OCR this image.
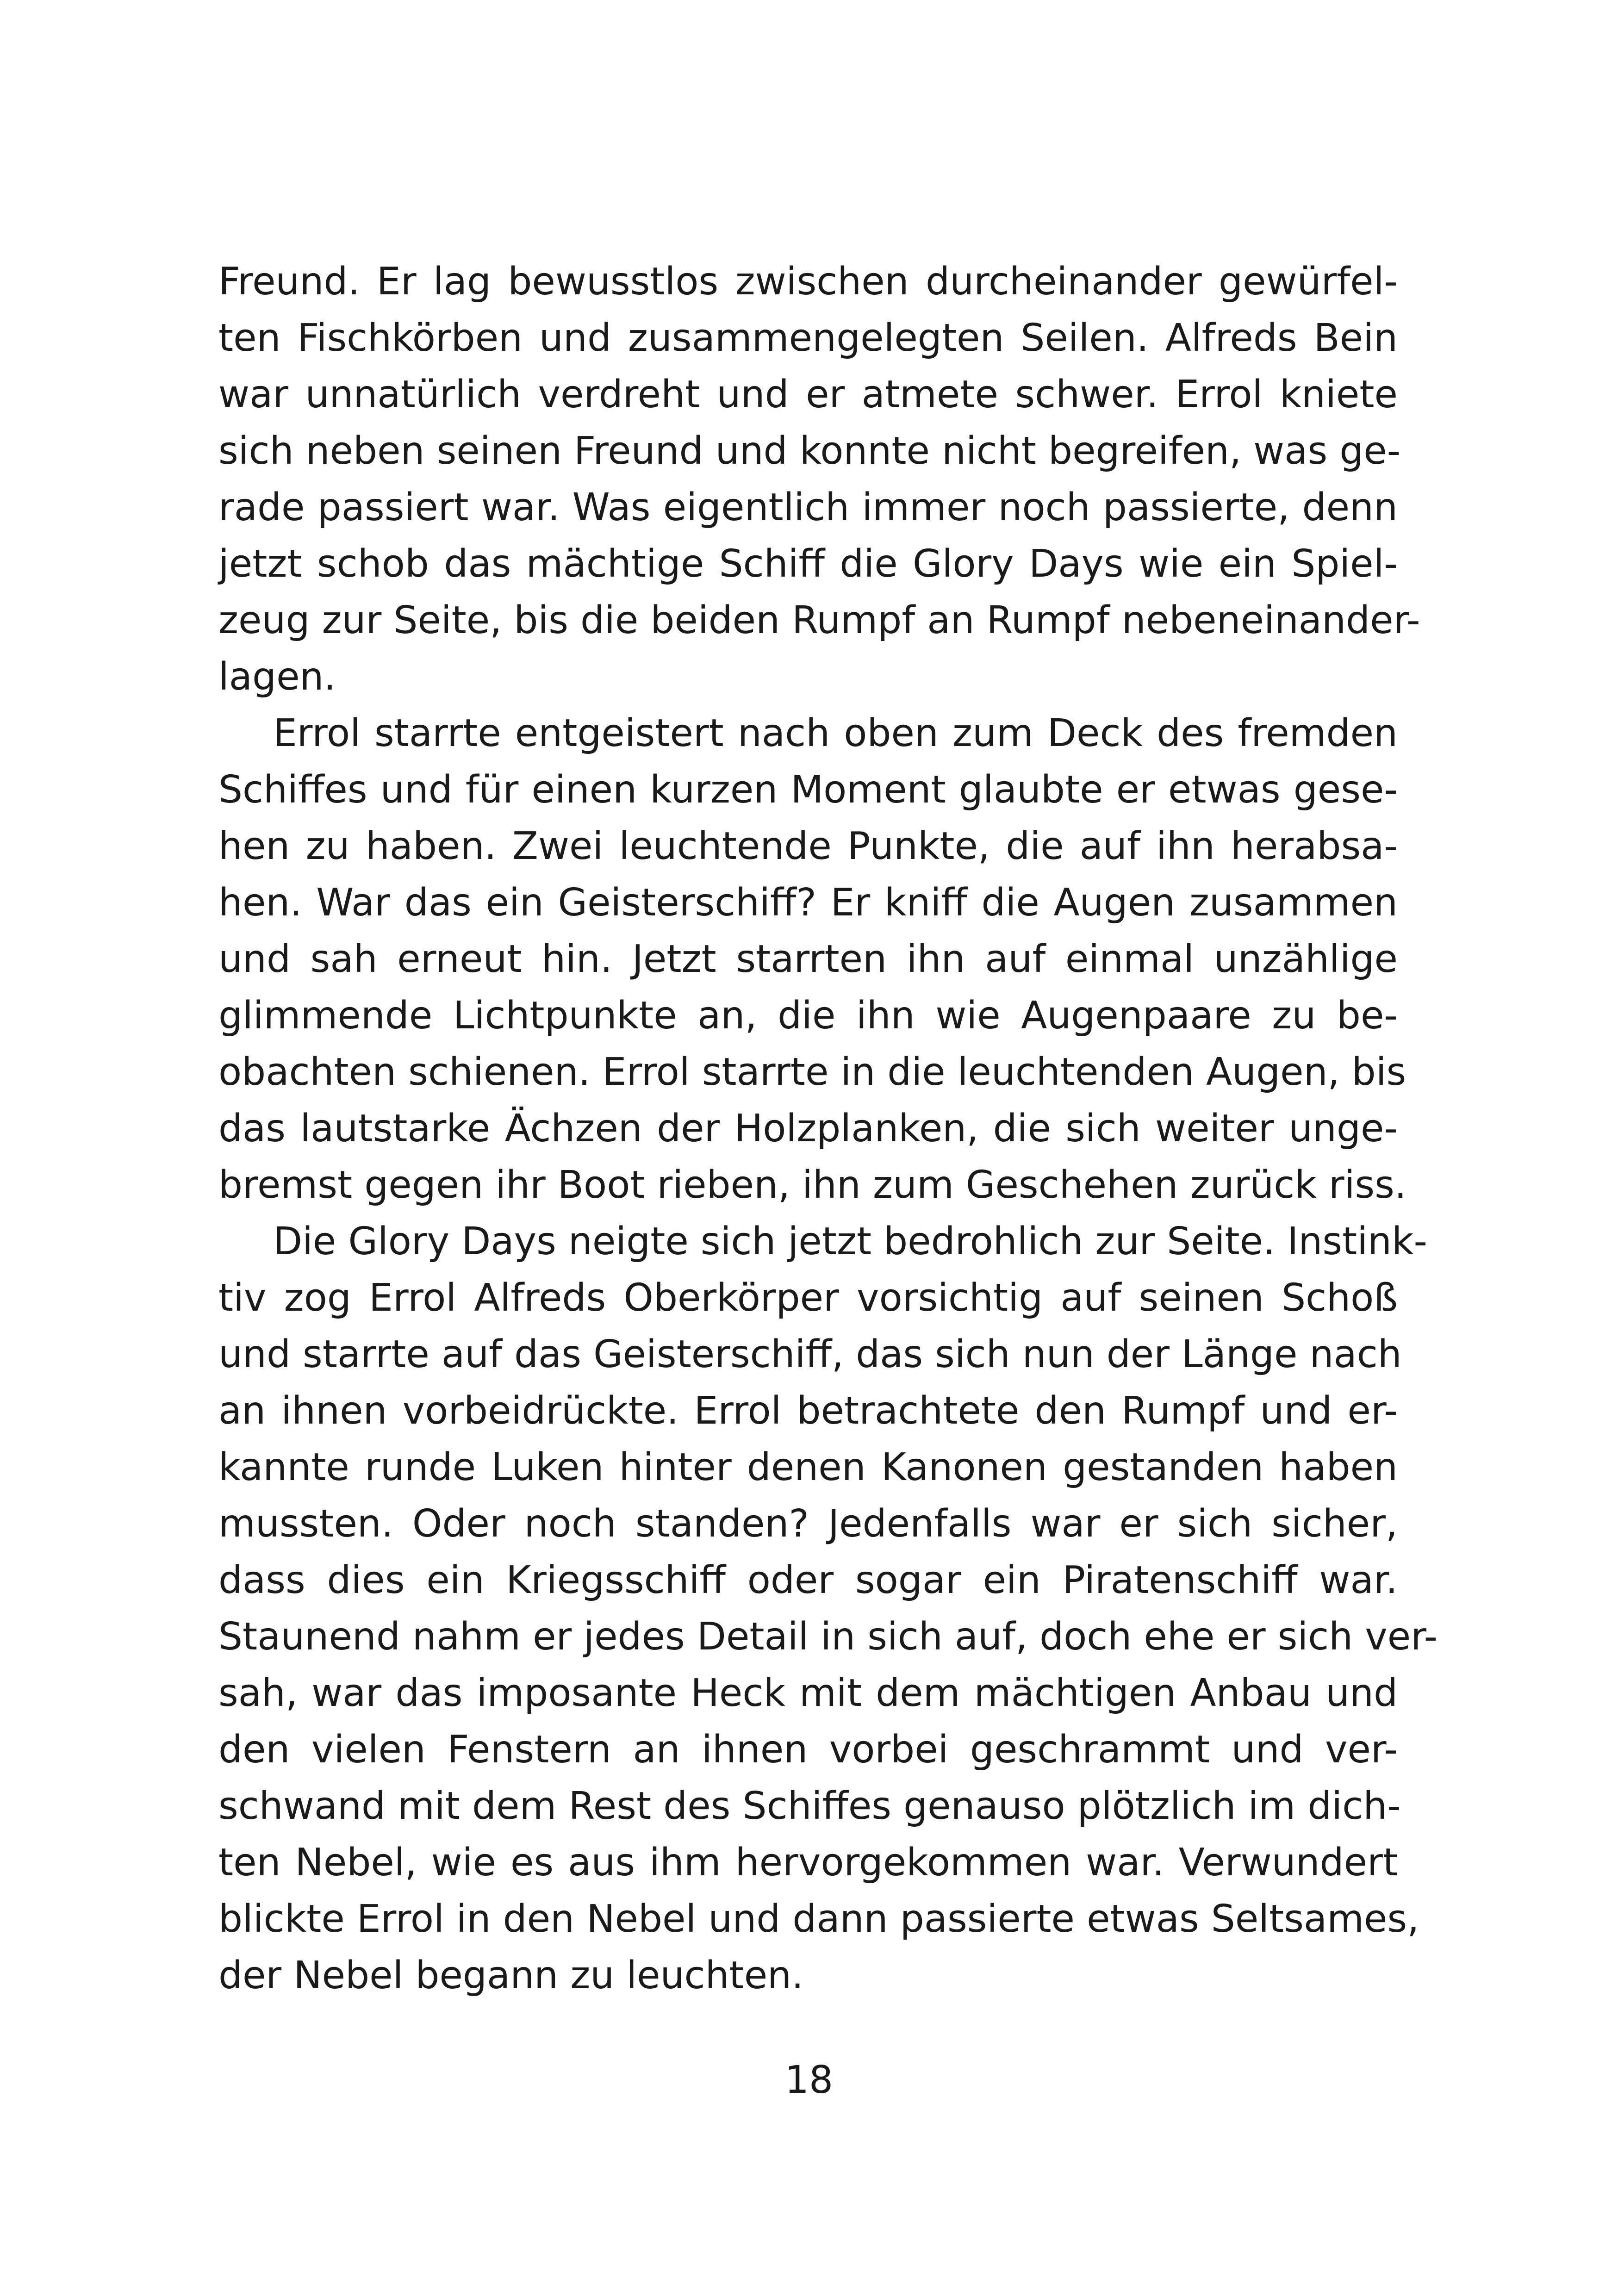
Freund. Er lag bewusstlos zwischen durcheinander gewürfel-
ten Fischkörben und zusammengelegten Seilen. Alfreds Bein
war unnatürlich verdreht und er atmete schwer. Errol kniete
sich neben seinen Freund und konnte nicht begreifen, was ge-
rade passiert war. Was eigentlich immer noch passierte, denn
jetzt schob das mächtige Schiff die Glory Days wie ein Spiel-
zeug zur Seite, bis die beiden Rumpf an Rumpf nebeneinander-
lagen.
Errol starrte entgeistert nach oben zum Deck des fremden
Schiffes und für einen kurzen Moment glaubte er etwas gese-
hen zu haben. Zwei leuchtende Punkte, die auf ihn herabsa-
hen. War das ein Geisterschiff? Er kniff die Augen zusammen
und sah erneut hin. Jetzt starrten ihn auf einmal unzählige
glimmende Lichtpunkte an, die ihn wie Augenpaare zu be-
obachten schienen. Errol starrte in die leuchtenden Augen, bis
das lautstarke Ächzen der Holzplanken, die sich weiter unge-
bremst gegen ihr Boot rieben, ihn zum Geschehen zurück riss.
Die Glory Days neigte sich jetzt bedrohlich zur Seite. Instink-
tiv zog Errol Alfreds Oberkörper vorsichtig auf seinen Schoß
und starrte auf das Geisterschiff, das sich nun der Länge nach
an ihnen vorbeidrückte. Errol betrachtete den Rumpf und er-
kannte runde Luken hinter denen Kanonen gestanden haben
mussten. Oder noch standen? Jedenfalls war er sich sicher,
dass dies ein Kriegsschiff oder sogar ein Piratenschiff war.
Staunend nahm er jedes Detail in sich auf, doch ehe er sich ver-
sah, war das imposante Heck mit dem mächtigen Anbau und
den vielen Fenstern an ihnen vorbei geschrammt und ver-
schwand mit dem Rest des Schiffes genauso plötzlich im dich-
ten Nebel, wie es aus ihm hervorgekommen war. Verwundert
blickte Errol in den Nebel und dann passierte etwas Seltsames,
der Nebel begann zu leuchten.
18
